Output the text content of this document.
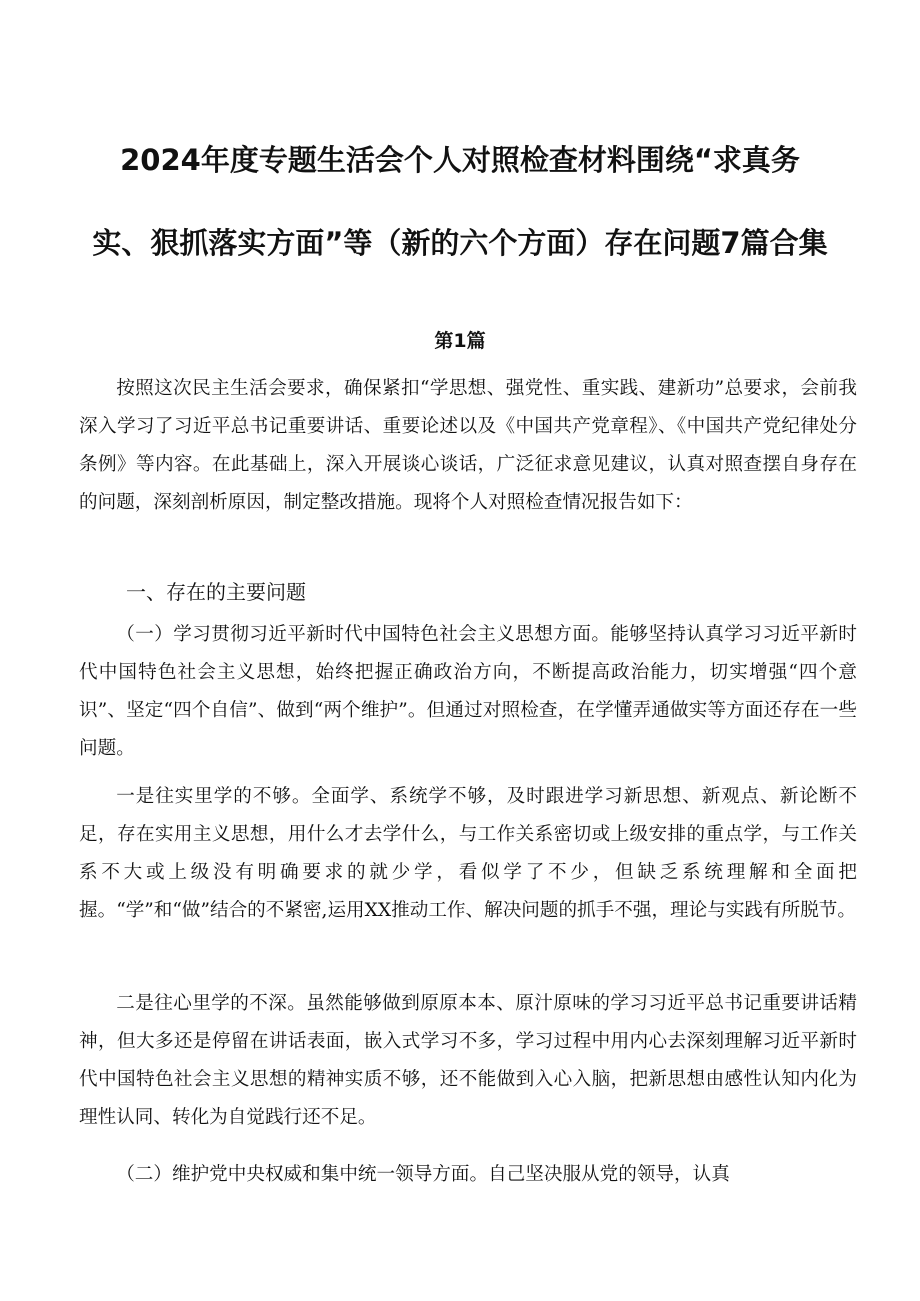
2024年度专题生活会个人对照检查材料围绕“求真务
实、狠抓落实方面”等（新的六个方面）存在问题7篇合集
第1篇
按照这次民主生活会要求，确保紧扣“学思想、强党性、重实践、建新功”总要求，会前我深入学习了习近平总书记重要讲话、重要论述以及《中国共产党章程》、《中国共产党纪律处分条例》等内容。在此基础上，深入开展谈心谈话，广泛征求意见建议，认真对照查摆自身存在的问题，深刻剖析原因，制定整改措施。现将个人对照检查情况报告如下：
一、存在的主要问题
（一）学习贯彻习近平新时代中国特色社会主义思想方面。能够坚持认真学习习近平新时代中国特色社会主义思想，始终把握正确政治方向，不断提高政治能力，切实增强“四个意识”、坚定“四个自信”、做到“两个维护”。但通过对照检查，在学懂弄通做实等方面还存在一些问题。
一是往实里学的不够。全面学、系统学不够，及时跟进学习新思想、新观点、新论断不足，存在实用主义思想，用什么才去学什么，与工作关系密切或上级安排的重点学，与工作关系不大或上级没有明确要求的就少学，看似学了不少，但缺乏系统理解和全面把握。“学”和“做”结合的不紧密,运用XX推动工作、解决问题的抓手不强，理论与实践有所脱节。
二是往心里学的不深。虽然能够做到原原本本、原汁原味的学习习近平总书记重要讲话精神，但大多还是停留在讲话表面，嵌入式学习不多，学习过程中用内心去深刻理解习近平新时代中国特色社会主义思想的精神实质不够，还不能做到入心入脑，把新思想由感性认知内化为理性认同、转化为自觉践行还不足。
（二）维护党中央权威和集中统一领导方面。自己坚决服从党的领导，认真
